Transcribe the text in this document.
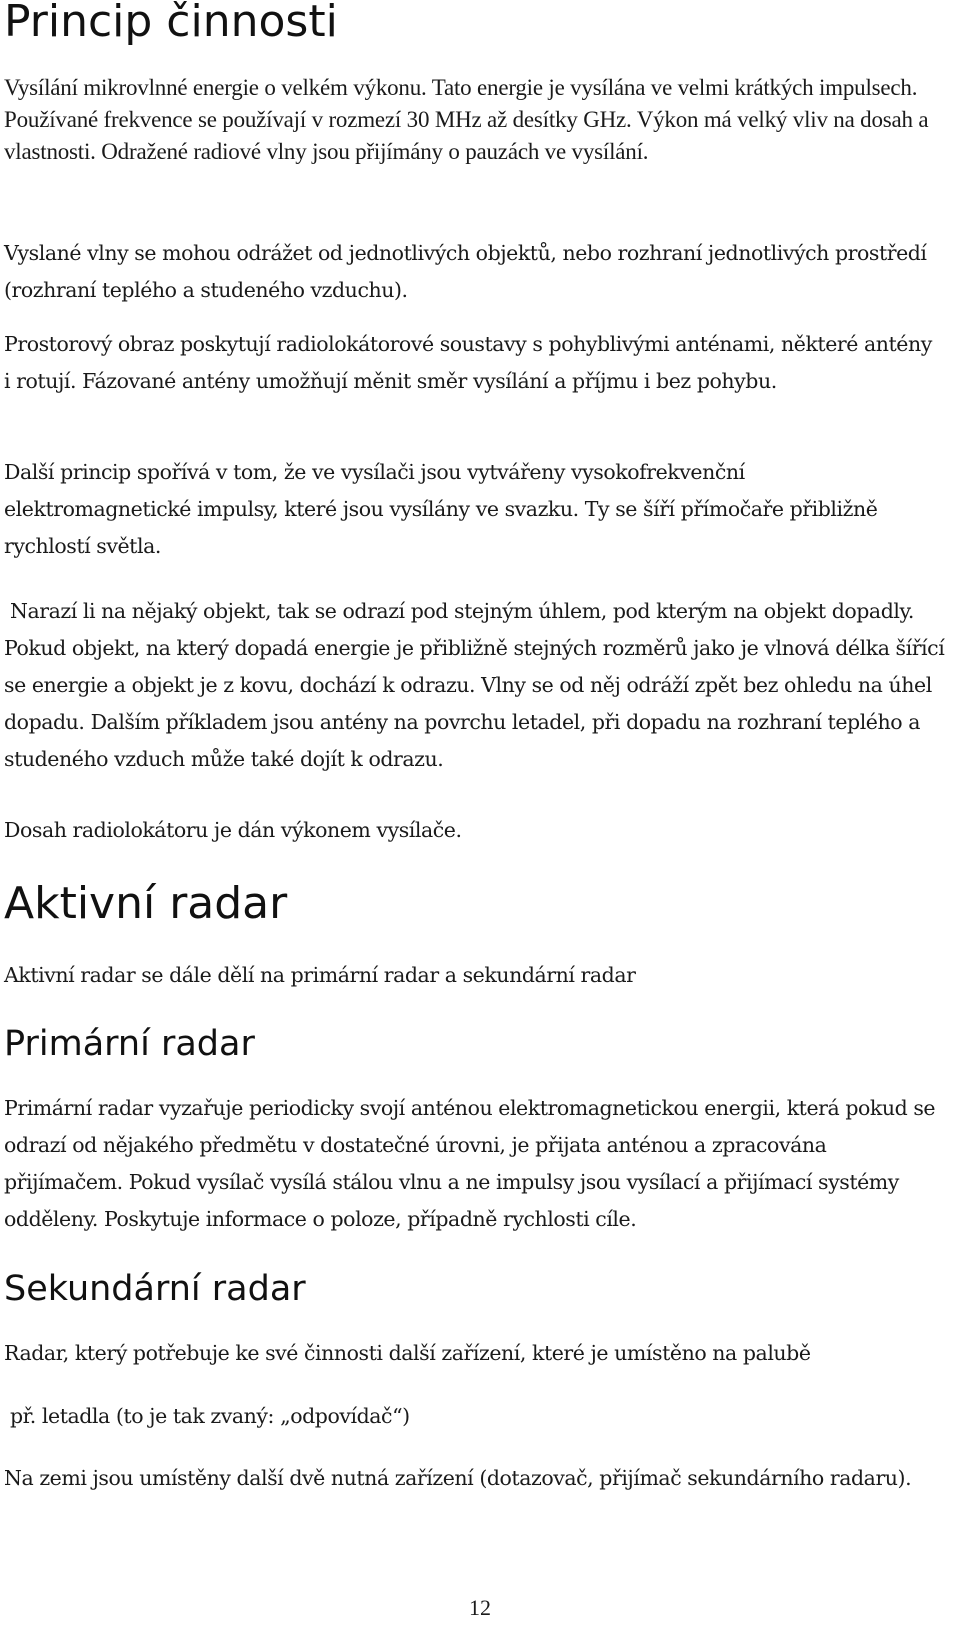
Princip činnosti

Vysílání mikrovlnné energie o velkém výkonu. Tato energie je vysílána ve velmi krátkých impulsech. Používané frekvence se používají v rozmezí 30 MHz až desítky GHz. Výkon má velký vliv na dosah a vlastnosti. Odražené radiové vlny jsou přijímány o pauzách ve vysílání.

Vyslané vlny se mohou odrážet od jednotlivých objektů, nebo rozhraní jednotlivých prostředí (rozhraní teplého a studeného vzduchu).

Prostorový obraz poskytují radiolokátorové soustavy s pohyblivými anténami, některé antény i rotují. Fázované antény umožňují měnit směr vysílání a příjmu i bez pohybu.

Další princip spořívá v tom, že ve vysílači jsou vytvářeny vysokofrekvenční elektromagnetické impulsy, které jsou vysílány ve svazku. Ty se šíří přímočaře přibližně rychlostí světla.

Narazí li na nějaký objekt, tak se odrazí pod stejným úhlem, pod kterým na objekt dopadly. Pokud objekt, na který dopadá energie je přibližně stejných rozměrů jako je vlnová délka šířící se energie a objekt je z kovu, dochází k odrazu. Vlny se od něj odráží zpět bez ohledu na úhel dopadu. Dalším příkladem jsou antény na povrchu letadel, při dopadu na rozhraní teplého a studeného vzduch může také dojít k odrazu.

Dosah radiolokátoru je dán výkonem vysílače.

Aktivní radar

Aktivní radar se dále dělí na primární radar a sekundární radar

Primární radar

Primární radar vyzařuje periodicky svojí anténou elektromagnetickou energii, která pokud se odrazí od nějakého předmětu v dostatečné úrovni, je přijata anténou a zpracována přijímačem. Pokud vysílač vysílá stálou vlnu a ne impulsy jsou vysílací a přijímací systémy odděleny. Poskytuje informace o poloze, případně rychlosti cíle.

Sekundární radar

Radar, který potřebuje ke své činnosti další zařízení, které je umístěno na palubě

př. letadla (to je tak zvaný: „odpovídač“)

Na zemi jsou umístěny další dvě nutná zařízení (dotazovač, přijímač sekundárního radaru).

12
